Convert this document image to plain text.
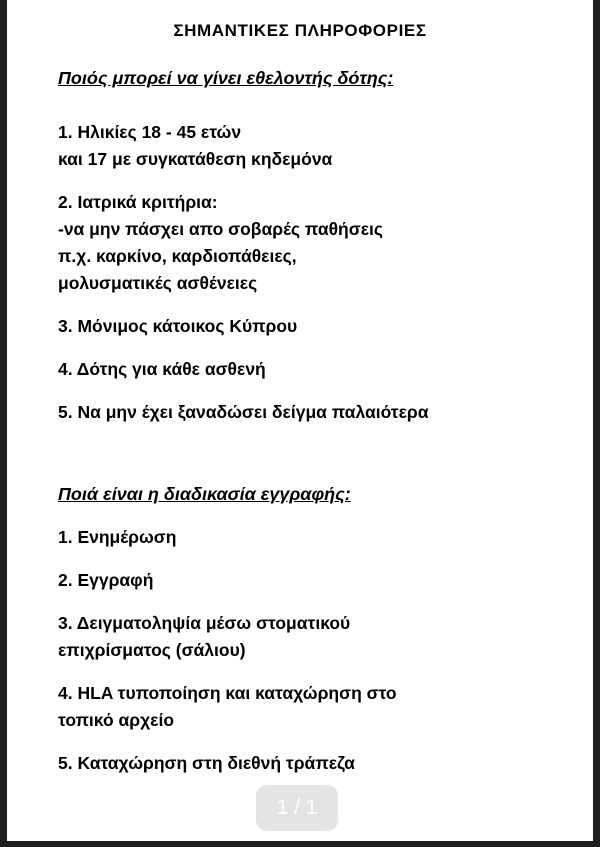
ΣΗΜΑΝΤΙΚΕΣ ΠΛΗΡΟΦΟΡΙΕΣ
Ποιός μπορεί να γίνει εθελοντής δότης:
1. Ηλικίες 18 - 45 ετών
και 17 με συγκατάθεση κηδεμόνα
2. Ιατρικά κριτήρια:
-να μην πάσχει απο σοβαρές παθήσεις
π.χ. καρκίνο, καρδιοπάθειες,
μολυσματικές ασθένειες
3. Μόνιμος κάτοικος Κύπρου
4. Δότης για κάθε ασθενή
5. Να μην έχει ξαναδώσει δείγμα παλαιότερα
Ποιά είναι η διαδικασία εγγραφής:
1. Ενημέρωση
2. Εγγραφή
3. Δειγματοληψία μέσω στοματικού
επιχρίσματος (σάλιου)
4. HLA τυποποίηση και καταχώρηση στο
τοπικό αρχείο
5. Καταχώρηση στη διεθνή τράπεζα
1 / 1
